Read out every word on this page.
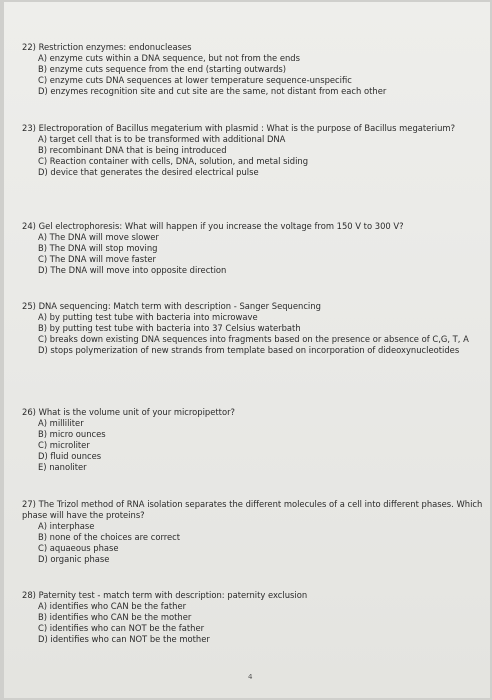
22) Restriction enzymes: endonucleases

A) enzyme cuts within a DNA sequence, but not from the ends

B) enzyme cuts sequence from the end (starting outwards)

C) enzyme cuts DNA sequences at lower temperature sequence-unspecific

D) enzymes recognition site and cut site are the same, not distant from each other

23) Electroporation of Bacillus megaterium with plasmid : What is the purpose of Bacillus megaterium?

A) target cell that is to be transformed with additional DNA

B) recombinant DNA that is being introduced

C) Reaction container with cells, DNA, solution, and metal siding

D) device that generates the desired electrical pulse

24) Gel electrophoresis: What will happen if you increase the voltage from 150 V to 300 V?

A) The DNA will move slower

B) The DNA will stop moving

C) The DNA will move faster

D) The DNA will move into opposite direction

25) DNA sequencing: Match term with description - Sanger Sequencing

A) by putting test tube with bacteria into microwave

B) by putting test tube with bacteria into 37 Celsius waterbath

C) breaks down existing DNA sequences into fragments based on the presence or absence of C,G, T, A

D) stops polymerization of new strands from template based on incorporation of dideoxynucleotides

26) What is the volume unit of your micropipettor?

A) milliliter

B) micro ounces

C) microliter

D) fluid ounces

E) nanoliter

27) The Trizol method of RNA isolation separates the different molecules of a cell into different phases. Which phase will have the proteins?

A) interphase

B) none of the choices are correct

C) aquaeous phase

D) organic phase

28) Paternity test - match term with description: paternity exclusion

A) identifies who CAN be the father

B) identifies who CAN be the mother

C) identifies who can NOT be the father

D) identifies who can NOT be the mother

4
